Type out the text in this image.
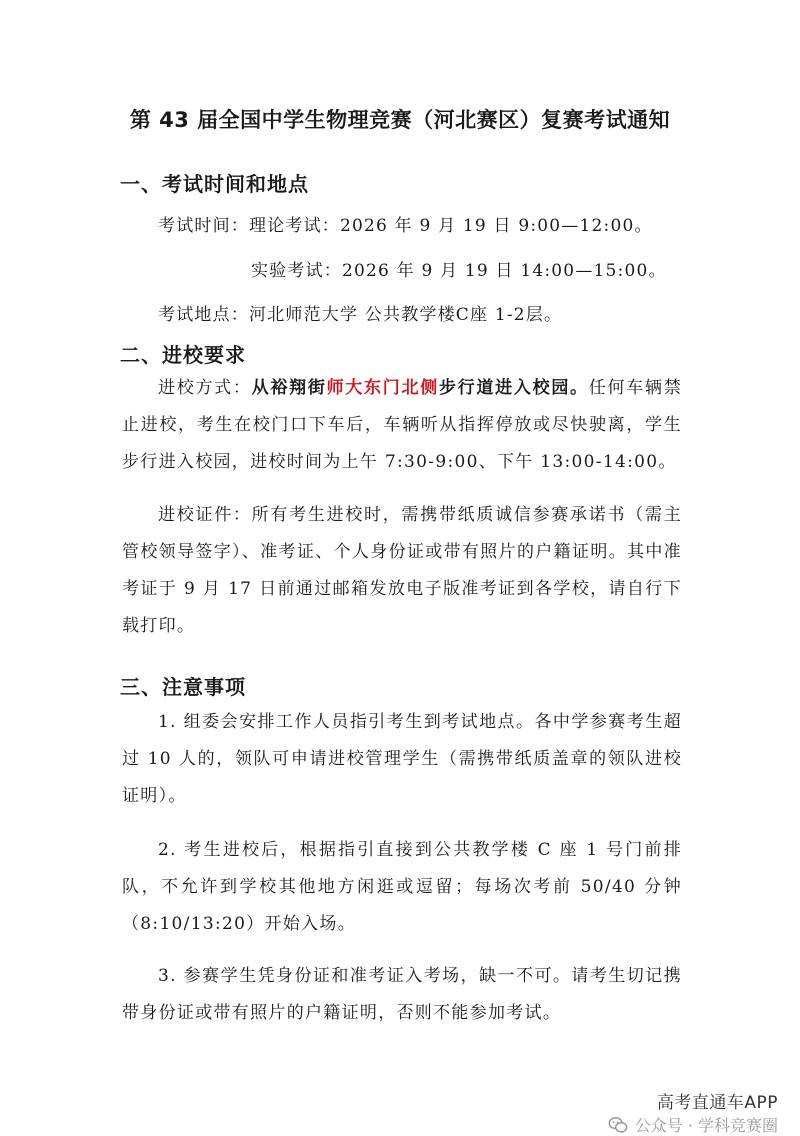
第 43 届全国中学生物理竞赛（河北赛区）复赛考试通知
一、考试时间和地点
考试时间：理论考试：2026 年 9 月 19 日 9:00—12:00。
实验考试：2026 年 9 月 19 日 14:00—15:00。
考试地点：河北师范大学 公共教学楼C座 1-2层。
二、进校要求
进校方式：从裕翔街师大东门北侧步行道进入校园。任何车辆禁止进校，考生在校门口下车后，车辆听从指挥停放或尽快驶离，学生步行进入校园，进校时间为上午 7:30-9:00、下午 13:00-14:00。
进校证件：所有考生进校时，需携带纸质诚信参赛承诺书（需主管校领导签字）、准考证、个人身份证或带有照片的户籍证明。其中准考证于 9 月 17 日前通过邮箱发放电子版准考证到各学校，请自行下载打印。
三、注意事项
1. 组委会安排工作人员指引考生到考试地点。各中学参赛考生超过 10 人的，领队可申请进校管理学生（需携带纸质盖章的领队进校证明）。
2. 考生进校后，根据指引直接到公共教学楼 C 座 1 号门前排队，不允许到学校其他地方闲逛或逗留；每场次考前 50/40 分钟（8:10/13:20）开始入场。
3. 参赛学生凭身份证和准考证入考场，缺一不可。请考生切记携带身份证或带有照片的户籍证明，否则不能参加考试。
高考直通车APP
公众号 · 学科竞赛圈
